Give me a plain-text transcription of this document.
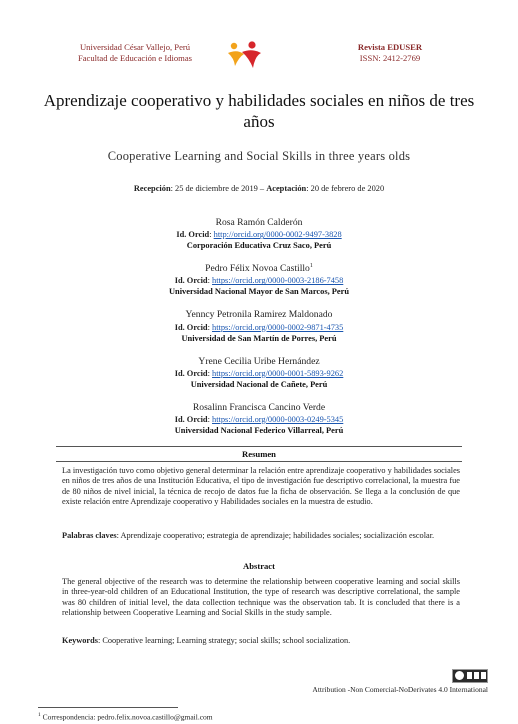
Universidad César Vallejo, Perú
Facultad de Educación e Idiomas
Revista EDUSER
ISSN: 2412-2769
Aprendizaje cooperativo y habilidades sociales en niños de tres años
Cooperative Learning and Social Skills in three years olds
Recepción: 25 de diciembre de 2019 – Aceptación: 20 de febrero de 2020
Rosa Ramón Calderón
Id. Orcid: http://orcid.org/0000-0002-9497-3828
Corporación Educativa Cruz Saco, Perú
Pedro Félix Novoa Castillo$^1$
Id. Orcid: https://orcid.org/0000-0003-2186-7458
Universidad Nacional Mayor de San Marcos, Perú
Yenncy Petronila Ramirez Maldonado
Id. Orcid: https://orcid.org/0000-0002-9871-4735
Universidad de San Martín de Porres, Perú
Yrene Cecilia Uribe Hernández
Id. Orcid: https://orcid.org/0000-0001-5893-9262
Universidad Nacional de Cañete, Perú
Rosalinn Francisca Cancino Verde
Id. Orcid: https://orcid.org/0000-0003-0249-5345
Universidad Nacional Federico Villarreal, Perú
Resumen
La investigación tuvo como objetivo general determinar la relación entre aprendizaje cooperativo y habilidades sociales en niños de tres años de una Institución Educativa, el tipo de investigación fue descriptivo correlacional, la muestra fue de 80 niños de nivel inicial, la técnica de recojo de datos fue la ficha de observación. Se llega a la conclusión de que existe relación entre Aprendizaje cooperativo y Habilidades sociales en la muestra de estudio.
Palabras claves: Aprendizaje cooperativo; estrategia de aprendizaje; habilidades sociales; socialización escolar.
Abstract
The general objective of the research was to determine the relationship between cooperative learning and social skills in three-year-old children of an Educational Institution, the type of research was descriptive correlational, the sample was 80 children of initial level, the data collection technique was the observation tab. It is concluded that there is a relationship between Cooperative Learning and Social Skills in the study sample.
Keywords: Cooperative learning; Learning strategy; social skills; school socialization.
Attribution -Non Comercial-NoDerivates 4.0 International
$^1$ Correspondencia: pedro.felix.novoa.castillo@gmail.com
